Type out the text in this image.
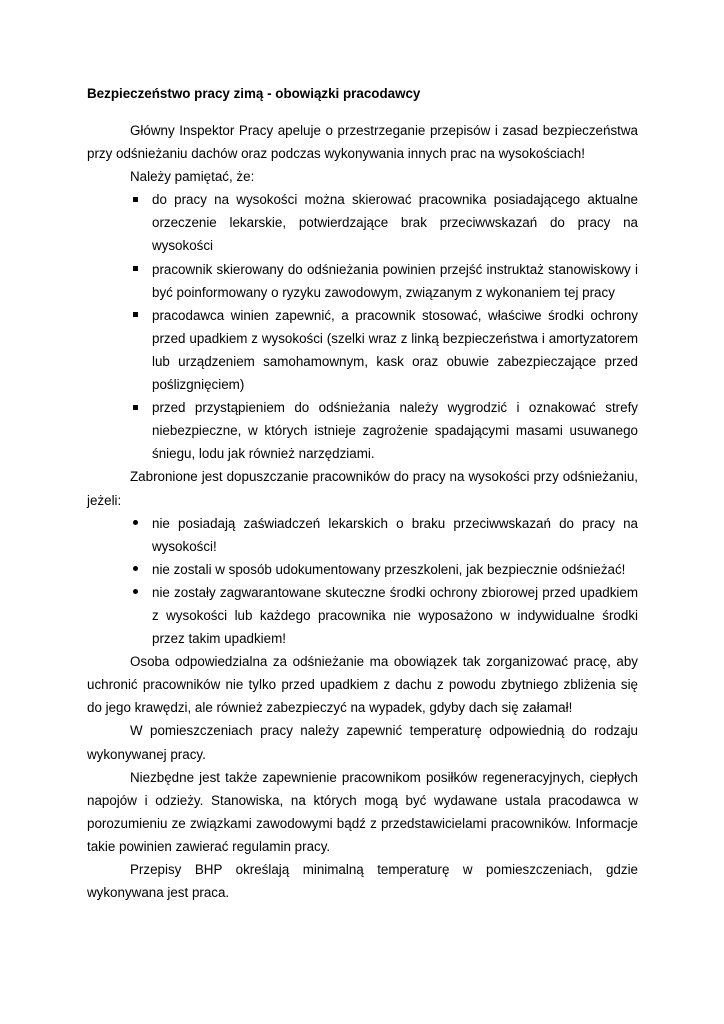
Bezpieczeństwo pracy zimą - obowiązki pracodawcy

Główny Inspektor Pracy apeluje o przestrzeganie przepisów i zasad bezpieczeństwa przy odśnieżaniu dachów oraz podczas wykonywania innych prac na wysokościach!

Należy pamiętać, że:

do pracy na wysokości można skierować pracownika posiadającego aktualne orzeczenie lekarskie, potwierdzające brak przeciwwskazań do pracy na wysokości
pracownik skierowany do odśnieżania powinien przejść instruktaż stanowiskowy i być poinformowany o ryzyku zawodowym, związanym z wykonaniem tej pracy
pracodawca winien zapewnić, a pracownik stosować, właściwe środki ochrony przed upadkiem z wysokości (szelki wraz z linką bezpieczeństwa i amortyzatorem lub urządzeniem samohamownym, kask oraz obuwie zabezpieczające przed poślizgnięciem)
przed przystąpieniem do odśnieżania należy wygrodzić i oznakować strefy niebezpieczne, w których istnieje zagrożenie spadającymi masami usuwanego śniegu, lodu jak również narzędziami.

Zabronione jest dopuszczanie pracowników do pracy na wysokości przy odśnieżaniu, jeżeli:

nie posiadają zaświadczeń lekarskich o braku przeciwwskazań do pracy na wysokości!
nie zostali w sposób udokumentowany przeszkoleni, jak bezpiecznie odśnieżać!
nie zostały zagwarantowane skuteczne środki ochrony zbiorowej przed upadkiem z wysokości lub każdego pracownika nie wyposażono w indywidualne środki przez takim upadkiem!

Osoba odpowiedzialna za odśnieżanie ma obowiązek tak zorganizować pracę, aby uchronić pracowników nie tylko przed upadkiem z dachu z powodu zbytniego zbliżenia się do jego krawędzi, ale również zabezpieczyć na wypadek, gdyby dach się załamał!

W pomieszczeniach pracy należy zapewnić temperaturę odpowiednią do rodzaju wykonywanej pracy.

Niezbędne jest także zapewnienie pracownikom posiłków regeneracyjnych, ciepłych napojów i odzieży. Stanowiska, na których mogą być wydawane ustala pracodawca w porozumieniu ze związkami zawodowymi bądź z przedstawicielami pracowników. Informacje takie powinien zawierać regulamin pracy.

Przepisy BHP określają minimalną temperaturę w pomieszczeniach, gdzie wykonywana jest praca.
